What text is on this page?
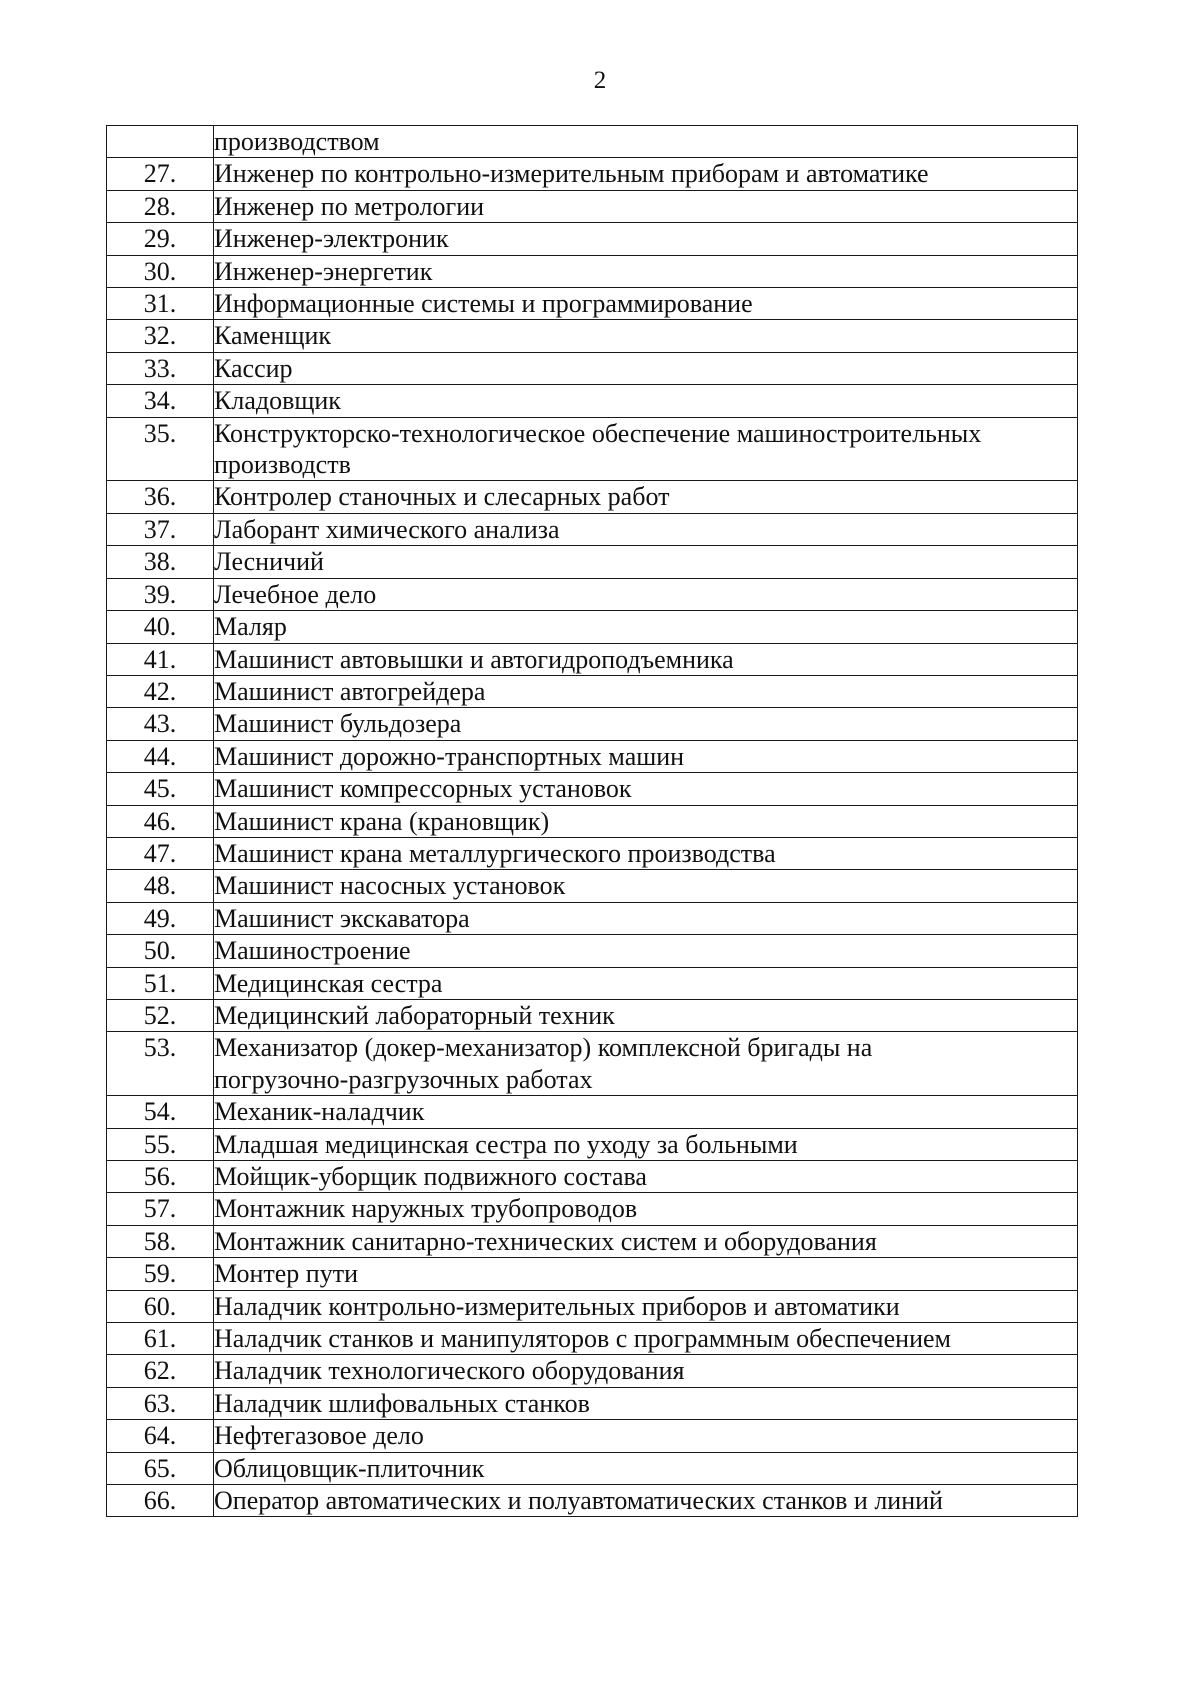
2
	производством
27.	Инженер по контрольно-измерительным приборам и автоматике
28.	Инженер по метрологии
29.	Инженер-электроник
30.	Инженер-энергетик
31.	Информационные системы и программирование
32.	Каменщик
33.	Кассир
34.	Кладовщик
35.	Конструкторско-технологическое обеспечение машиностроительных
производств
36.	Контролер станочных и слесарных работ
37.	Лаборант химического анализа
38.	Лесничий
39.	Лечебное дело
40.	Маляр
41.	Машинист автовышки и автогидроподъемника
42.	Машинист автогрейдера
43.	Машинист бульдозера
44.	Машинист дорожно-транспортных машин
45.	Машинист компрессорных установок
46.	Машинист крана (крановщик)
47.	Машинист крана металлургического производства
48.	Машинист насосных установок
49.	Машинист экскаватора
50.	Машиностроение
51.	Медицинская сестра
52.	Медицинский лабораторный техник
53.	Механизатор (докер-механизатор) комплексной бригады на
погрузочно-разгрузочных работах
54.	Механик-наладчик
55.	Младшая медицинская сестра по уходу за больными
56.	Мойщик-уборщик подвижного состава
57.	Монтажник наружных трубопроводов
58.	Монтажник санитарно-технических систем и оборудования
59.	Монтер пути
60.	Наладчик контрольно-измерительных приборов и автоматики
61.	Наладчик станков и манипуляторов с программным обеспечением
62.	Наладчик технологического оборудования
63.	Наладчик шлифовальных станков
64.	Нефтегазовое дело
65.	Облицовщик-плиточник
66.	Оператор автоматических и полуавтоматических станков и линий
